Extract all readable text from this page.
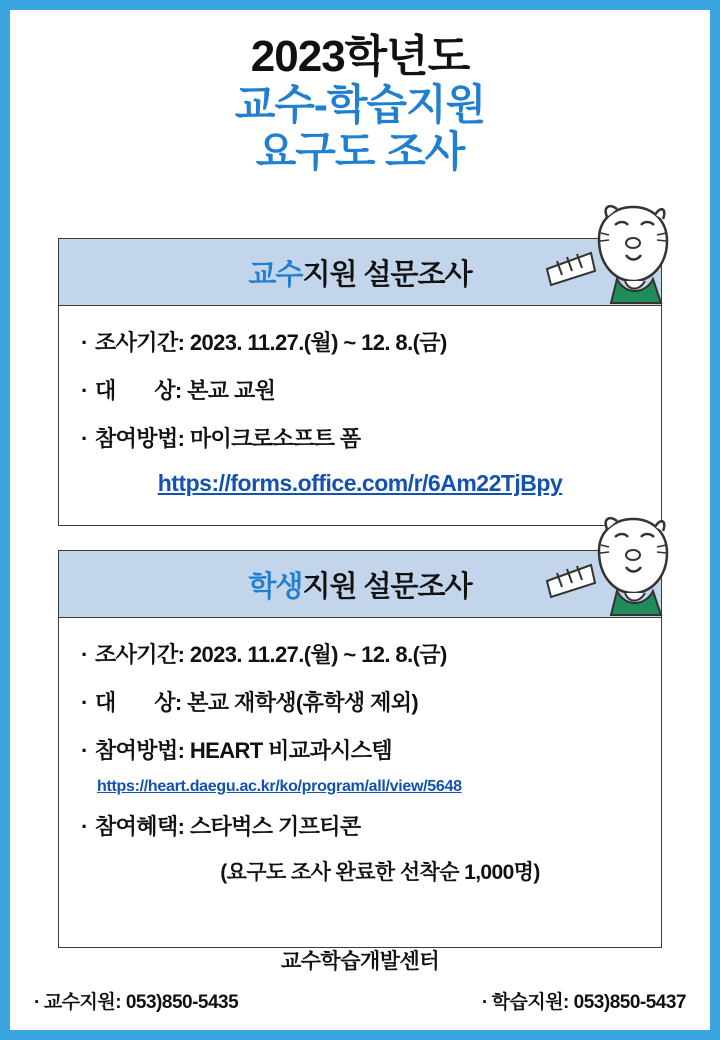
2023학년도
교수-학습지원
요구도 조사
교수지원 설문조사
· 조사기간: 2023. 11.27.(월) ~ 12. 8.(금)
· 대       상: 본교 교원
· 참여방법: 마이크로소프트 폼
https://forms.office.com/r/6Am22TjBpy
학생지원 설문조사
· 조사기간: 2023. 11.27.(월) ~ 12. 8.(금)
· 대       상: 본교 재학생(휴학생 제외)
· 참여방법: HEART 비교과시스템
https://heart.daegu.ac.kr/ko/program/all/view/5648
· 참여혜택: 스타벅스 기프티콘
(요구도 조사 완료한 선착순 1,000명)
교수학습개발센터
· 교수지원: 053)850-5435	· 학습지원: 053)850-5437
